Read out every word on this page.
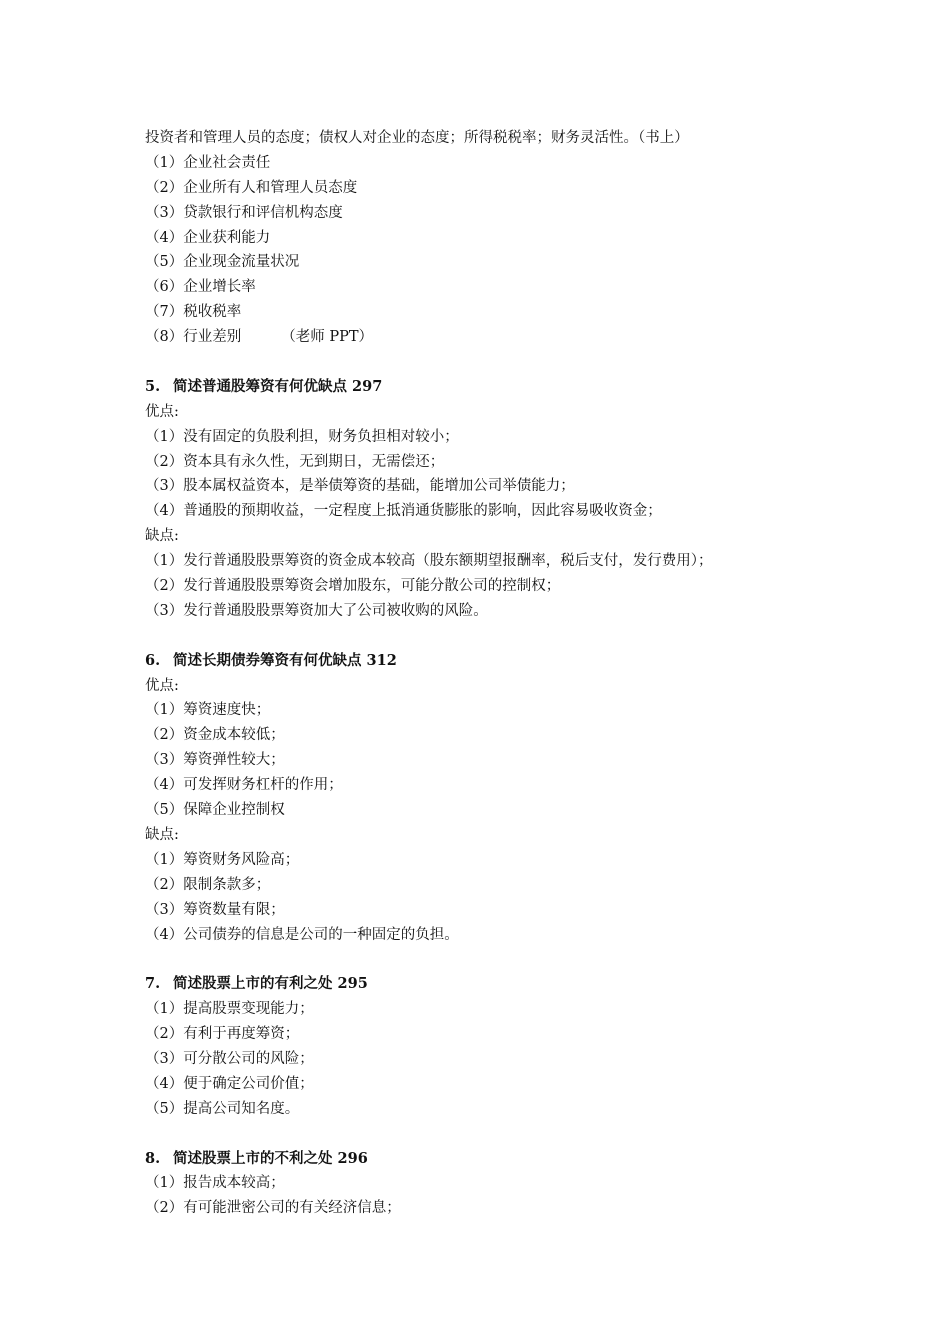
投资者和管理人员的态度；债权人对企业的态度；所得税税率；财务灵活性。（书上）
（1）企业社会责任
（2）企业所有人和管理人员态度
（3）贷款银行和评信机构态度
（4）企业获利能力
（5）企业现金流量状况
（6）企业增长率
（7）税收税率
（8）行业差别	（老师 PPT）
5. 简述普通股筹资有何优缺点 297
优点:
（1）没有固定的负股利担，财务负担相对较小；
（2）资本具有永久性，无到期日，无需偿还；
（3）股本属权益资本，是举债筹资的基础，能增加公司举债能力；
（4）普通股的预期收益，一定程度上抵消通货膨胀的影响，因此容易吸收资金；
缺点:
（1）发行普通股股票筹资的资金成本较高（股东额期望报酬率，税后支付，发行费用）；
（2）发行普通股股票筹资会增加股东，可能分散公司的控制权；
（3）发行普通股股票筹资加大了公司被收购的风险。
6. 简述长期债券筹资有何优缺点 312
优点:
（1）筹资速度快；
（2）资金成本较低；
（3）筹资弹性较大；
（4）可发挥财务杠杆的作用；
（5）保障企业控制权
缺点:
（1）筹资财务风险高；
（2）限制条款多；
（3）筹资数量有限；
（4）公司债券的信息是公司的一种固定的负担。
7. 简述股票上市的有利之处 295
（1）提高股票变现能力；
（2）有利于再度筹资；
（3）可分散公司的风险；
（4）便于确定公司价值；
（5）提高公司知名度。
8. 简述股票上市的不利之处 296
（1）报告成本较高；
（2）有可能泄密公司的有关经济信息；
